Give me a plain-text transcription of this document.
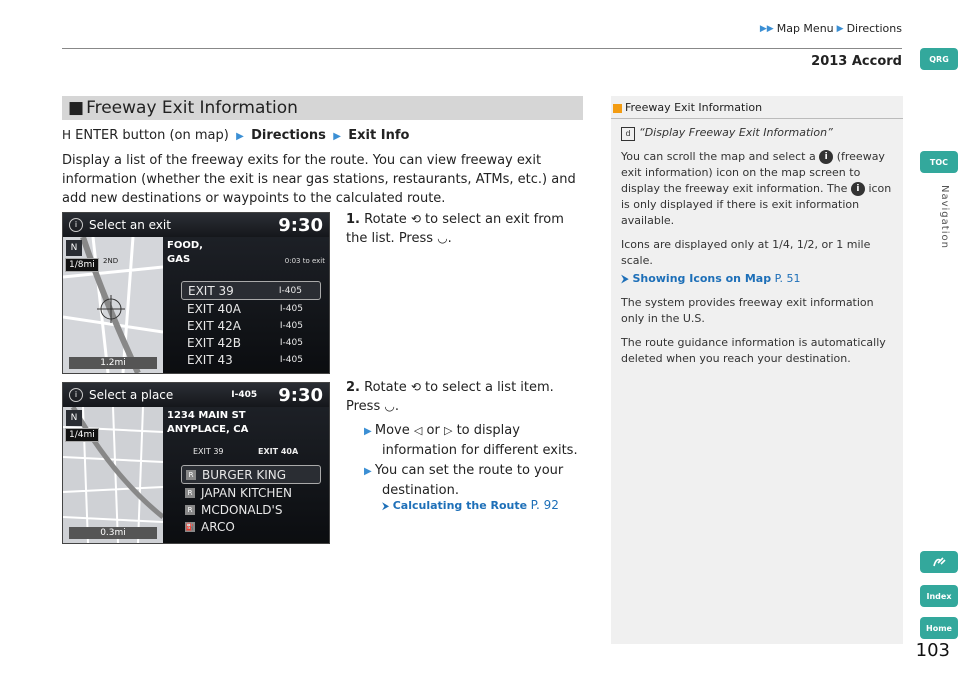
▶▶ Map Menu ▶ Directions
2013 Accord	QRG
TOC
Navigation
Index
Home
■ Freeway Exit Information
H ENTER button (on map)  ▶  Directions  ▶  Exit Info
Display a list of the freeway exits for the route. You can view freeway exit information (whether the exit is near gas stations, restaurants, ATMs, etc.) and add new destinations or waypoints to the calculated route.
i Select an exit	9:30
N
1/8mi	2ND
1.2mi
FOOD,
GAS	0:03 to exit
EXIT 39	I-405
EXIT 40A	I-405
EXIT 42A	I-405
EXIT 42B	I-405
EXIT 43	I-405
1. Rotate ⟲ to select an exit from the list. Press ◡.
i Select a place	I-405 9:30
N
1/4mi
0.3mi
1234 MAIN ST
ANYPLACE, CA
EXIT 39	EXIT 40A
R BURGER KING
R JAPAN KITCHEN
R MCDONALD'S
⛽ ARCO
2. Rotate ⟲ to select a list item. Press ◡.
▶ Move ◁ or ▷ to display information for different exits.
▶ You can set the route to your destination.
⮞ Calculating the Route P. 92
Freeway Exit Information
d “Display Freeway Exit Information”
You can scroll the map and select a i (freeway exit information) icon on the map screen to display the freeway exit information. The i icon is only displayed if there is exit information available.
Icons are displayed only at 1/4, 1/2, or 1 mile scale.
⮞ Showing Icons on Map P. 51
The system provides freeway exit information only in the U.S.
The route guidance information is automatically deleted when you reach your destination.
103
